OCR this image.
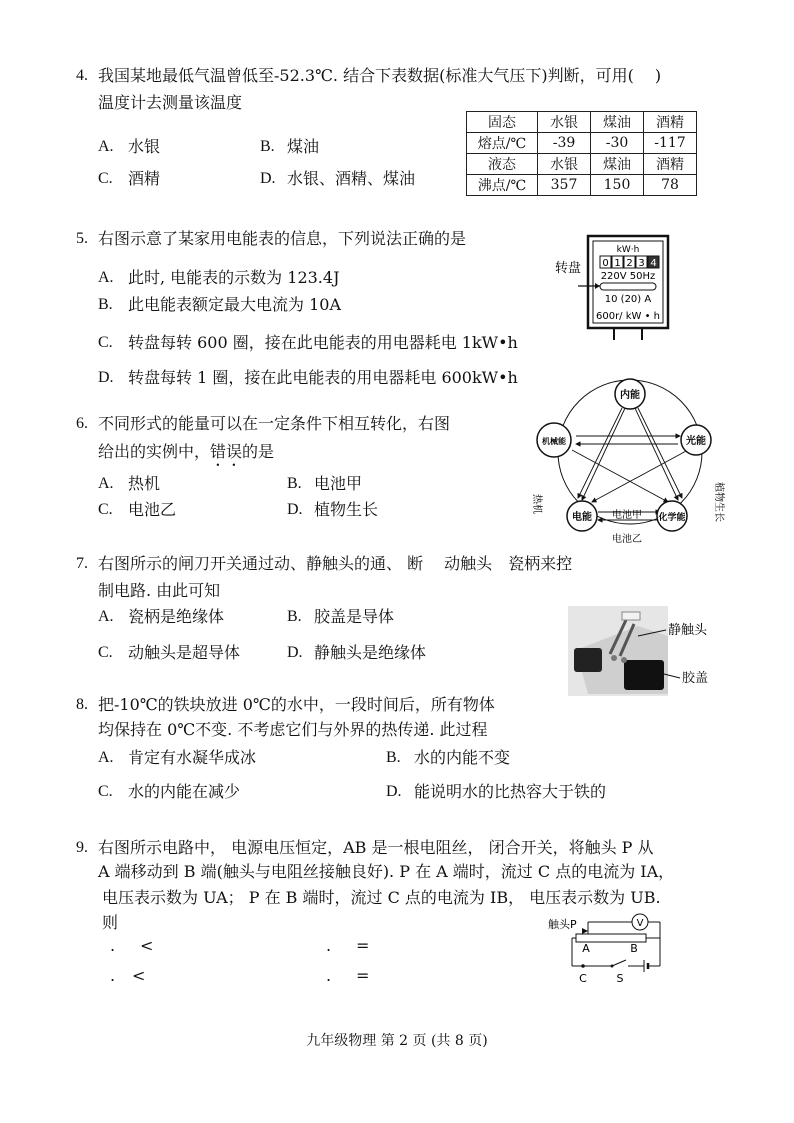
4. 我国某地最低气温曾低至-52.3℃. 结合下表数据(标准大气压下)判断，可用(　 )
温度计去测量该温度
A. 水银	B. 煤油
C. 酒精	D. 水银、酒精、煤油
固态	水银	煤油	酒精
熔点/℃	-39	-30	-117
液态	水银	煤油	酒精
沸点/℃	357	150	78
5. 右图示意了某家用电能表的信息，下列说法正确的是
A. 此时, 电能表的示数为 123.4J
B. 此电能表额定最大电流为 10A
C. 转盘每转 600 圈，接在此电能表的用电器耗电 1kW•h
D. 转盘每转 1 圈，接在此电能表的用电器耗电 600kW•h
转盘
kW·h
0 1 2 3 4
220V 50Hz
10 (20) A
600r/ kW • h
6. 不同形式的能量可以在一定条件下相互转化，右图
给出的实例中，错误的是
A. 热机	B. 电池甲
C. 电池乙	D. 植物生长
内能
光能
化学能
电能
机械能
热机
电池甲
电池乙
植物生长
7. 右图所示的闸刀开关通过动、静触头的通、 断　 动触头　瓷柄来控
制电路. 由此可知
A. 瓷柄是绝缘体	B. 胶盖是导体
C. 动触头是超导体	D. 静触头是绝缘体
静触头
胶盖
8. 把-10℃的铁块放进 0℃的水中，一段时间后，所有物体
均保持在 0℃不变. 不考虑它们与外界的热传递. 此过程
A. 肯定有水凝华成冰	B. 水的内能不变
C. 水的内能在减少	D. 能说明水的比热容大于铁的
9. 右图所示电路中， 电源电压恒定，AB 是一根电阻丝， 闭合开关，将触头 P 从
A 端移动到 B 端(触头与电阻丝接触良好). P 在 A 端时，流过 C 点的电流为 IA，
电压表示数为 UA； P 在 B 端时，流过 C 点的电流为 IB， 电压表示数为 UB.
则
. <	. =
. <	. =
触头P	V
A	B
C	S
九年级物理 第 2 页 (共 8 页)
